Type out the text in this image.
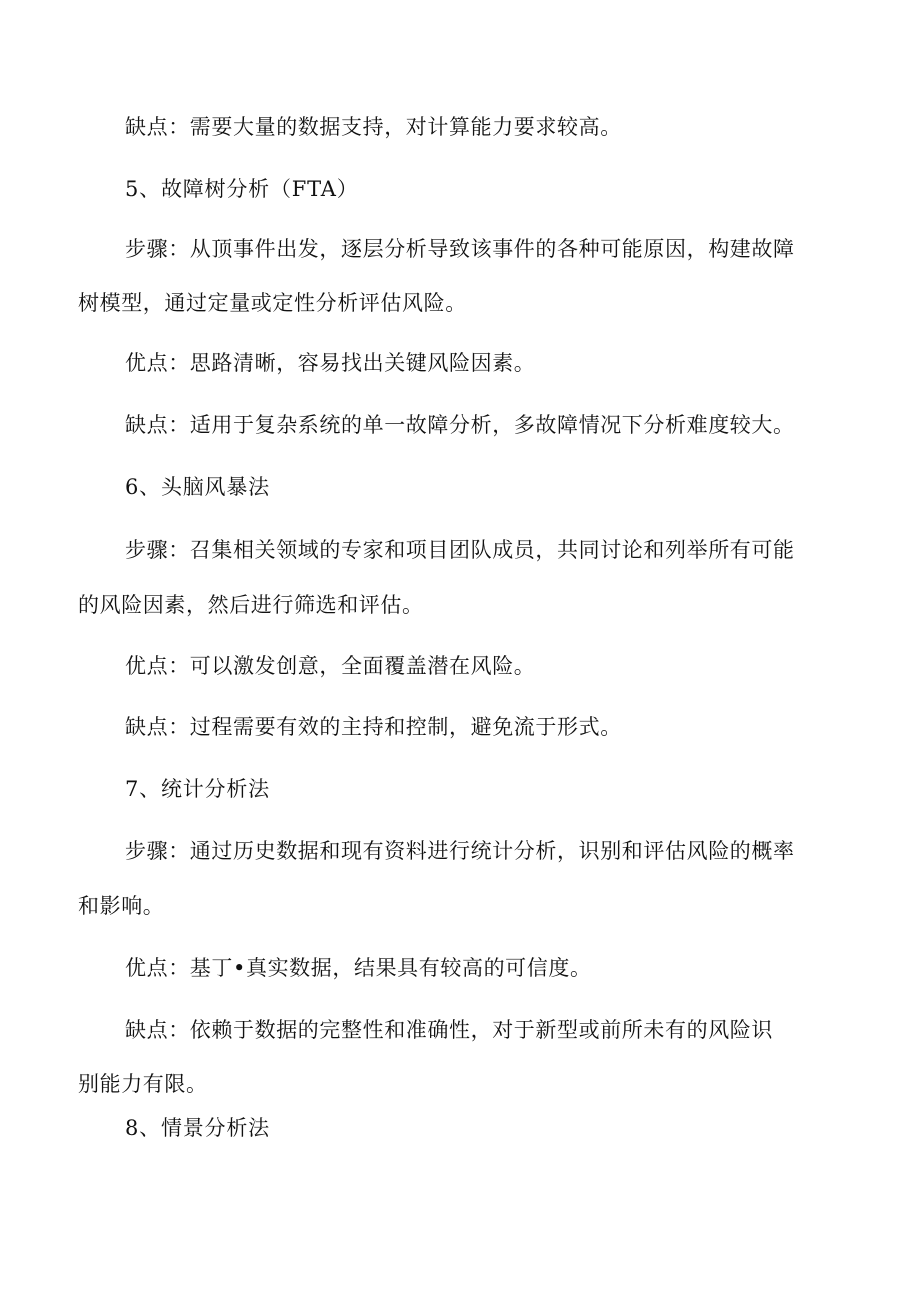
缺点：需要大量的数据支持，对计算能力要求较高。
5、故障树分析（FTA）
步骤：从顶事件出发，逐层分析导致该事件的各种可能原因，构建故障
树模型，通过定量或定性分析评估风险。
优点：思路清晰，容易找出关键风险因素。
缺点：适用于复杂系统的单一故障分析，多故障情况下分析难度较大。
6、头脑风暴法
步骤：召集相关领域的专家和项目团队成员，共同讨论和列举所有可能
的风险因素，然后进行筛选和评估。
优点：可以激发创意，全面覆盖潜在风险。
缺点：过程需要有效的主持和控制，避免流于形式。
7、统计分析法
步骤：通过历史数据和现有资料进行统计分析，识别和评估风险的概率
和影响。
优点：基丁•真实数据，结果具有较高的可信度。
缺点：依赖于数据的完整性和准确性，对于新型或前所未有的风险识
别能力有限。
8、情景分析法
